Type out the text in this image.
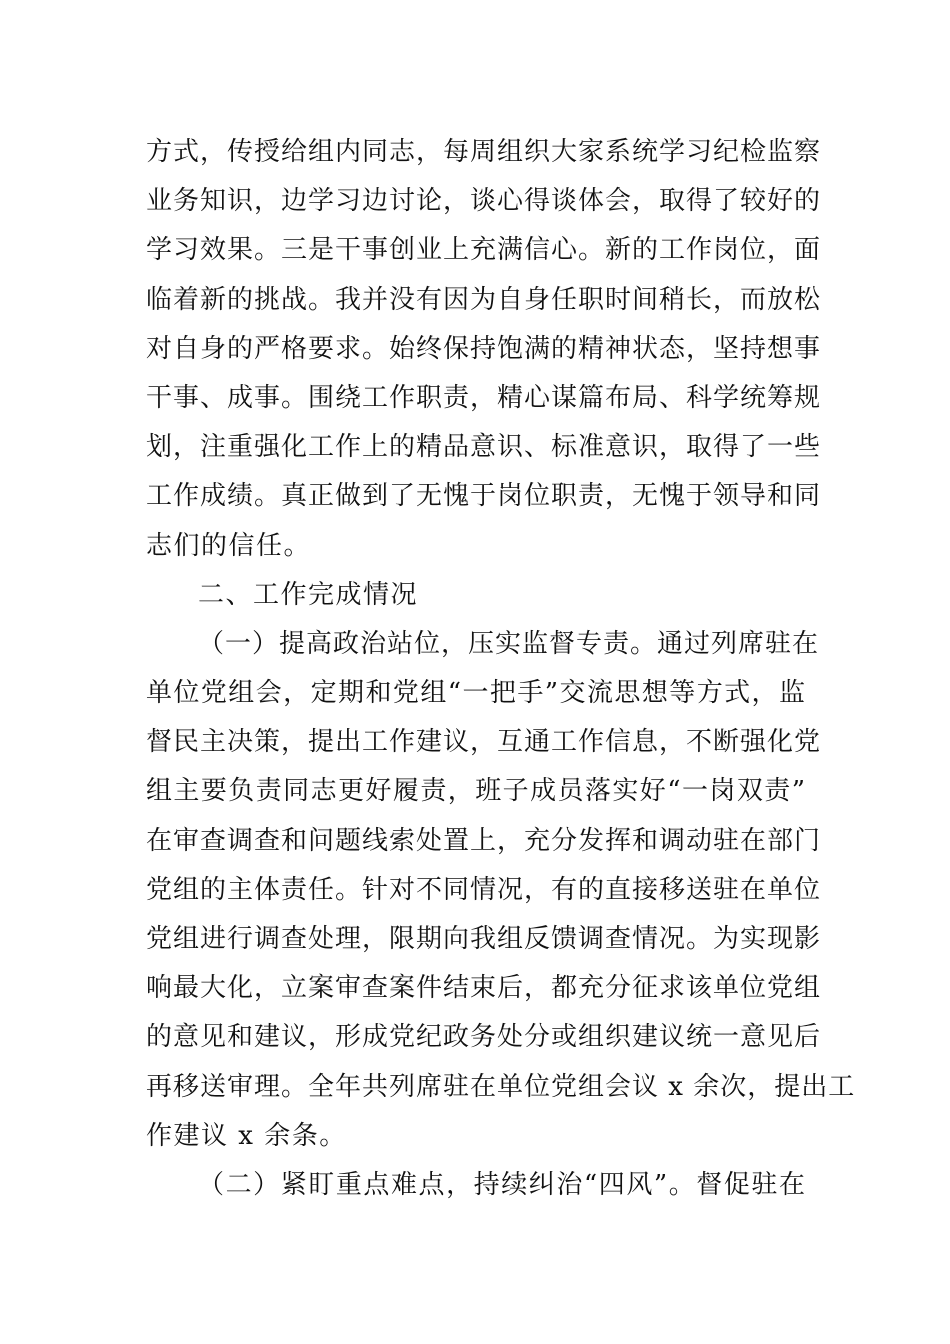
方式，传授给组内同志，每周组织大家系统学习纪检监察
业务知识，边学习边讨论，谈心得谈体会，取得了较好的
学习效果。三是干事创业上充满信心。新的工作岗位，面
临着新的挑战。我并没有因为自身任职时间稍长，而放松
对自身的严格要求。始终保持饱满的精神状态，坚持想事
干事、成事。围绕工作职责，精心谋篇布局、科学统筹规
划，注重强化工作上的精品意识、标准意识，取得了一些
工作成绩。真正做到了无愧于岗位职责，无愧于领导和同
志们的信任。
二、工作完成情况
（一）提高政治站位，压实监督专责。通过列席驻在
单位党组会，定期和党组“一把手”交流思想等方式，监
督民主决策，提出工作建议，互通工作信息，不断强化党
组主要负责同志更好履责，班子成员落实好“一岗双责”
在审查调查和问题线索处置上，充分发挥和调动驻在部门
党组的主体责任。针对不同情况，有的直接移送驻在单位
党组进行调查处理，限期向我组反馈调查情况。为实现影
响最大化，立案审查案件结束后，都充分征求该单位党组
的意见和建议，形成党纪政务处分或组织建议统一意见后
再移送审理。全年共列席驻在单位党组会议 x 余次，提出工
作建议 x 余条。
（二）紧盯重点难点，持续纠治“四风”。督促驻在
